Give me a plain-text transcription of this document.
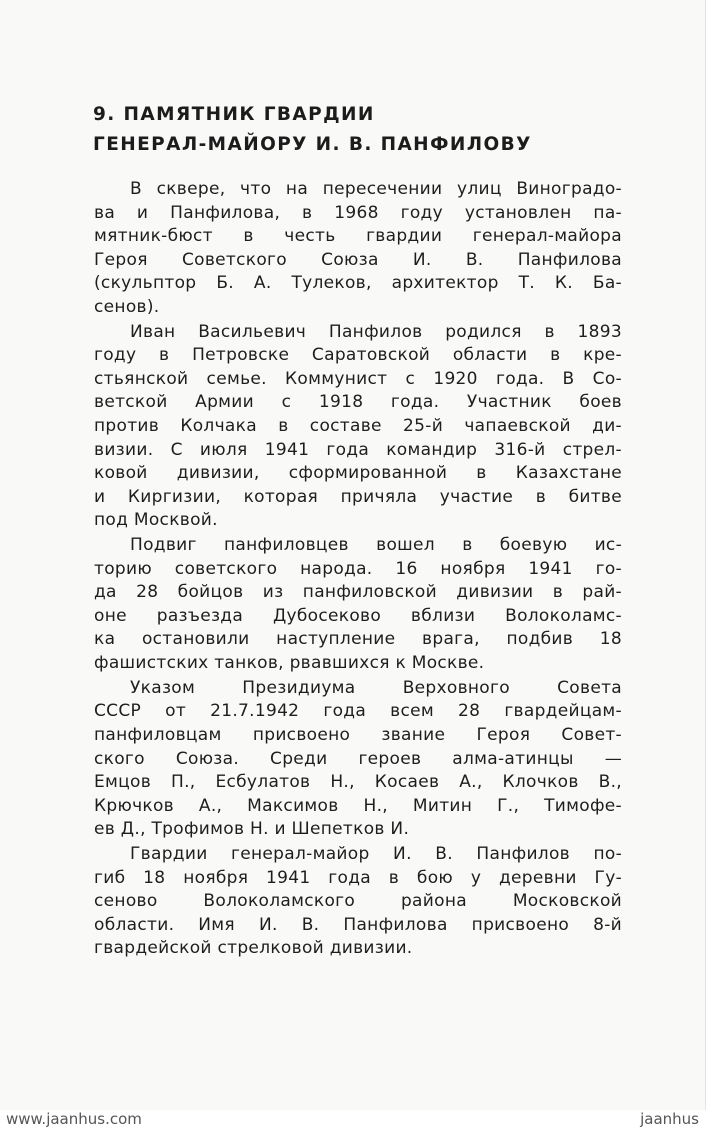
9. ПАМЯТНИК ГВАРДИИ
ГЕНЕРАЛ-МАЙОРУ И. В. ПАНФИЛОВУ
В сквере, что на пересечении улиц Виноградо-
ва и Панфилова, в 1968 году установлен па-
мятник-бюст в честь гвардии генерал-майора
Героя Советского Союза И. В. Панфилова
(скульптор Б. А. Тулеков, архитектор Т. К. Ба-
сенов).
Иван Васильевич Панфилов родился в 1893
году в Петровске Саратовской области в кре-
стьянской семье. Коммунист с 1920 года. В Со-
ветской Армии с 1918 года. Участник боев
против Колчака в составе 25-й чапаевской ди-
визии. С июля 1941 года командир 316-й стрел-
ковой дивизии, сформированной в Казахстане
и Киргизии, которая причяла участие в битве
под Москвой.
Подвиг панфиловцев вошел в боевую ис-
торию советского народа. 16 ноября 1941 го-
да 28 бойцов из панфиловской дивизии в рай-
оне разъезда Дубосеково вблизи Волоколамс-
ка остановили наступление врага, подбив 18
фашистских танков, рвавшихся к Москве.
Указом Президиума Верховного Совета
СССР от 21.7.1942 года всем 28 гвардейцам-
панфиловцам присвоено звание Героя Совет-
ского Союза. Среди героев алма-атинцы —
Емцов П., Есбулатов Н., Косаев А., Клочков В.,
Крючков А., Максимов Н., Митин Г., Тимофе-
ев Д., Трофимов Н. и Шепетков И.
Гвардии генерал-майор И. В. Панфилов по-
гиб 18 ноября 1941 года в бою у деревни Гу-
сеново Волоколамского района Московской
области. Имя И. В. Панфилова присвоено 8-й
гвардейской стрелковой дивизии.
www.jaanhus.com	jaanhus
